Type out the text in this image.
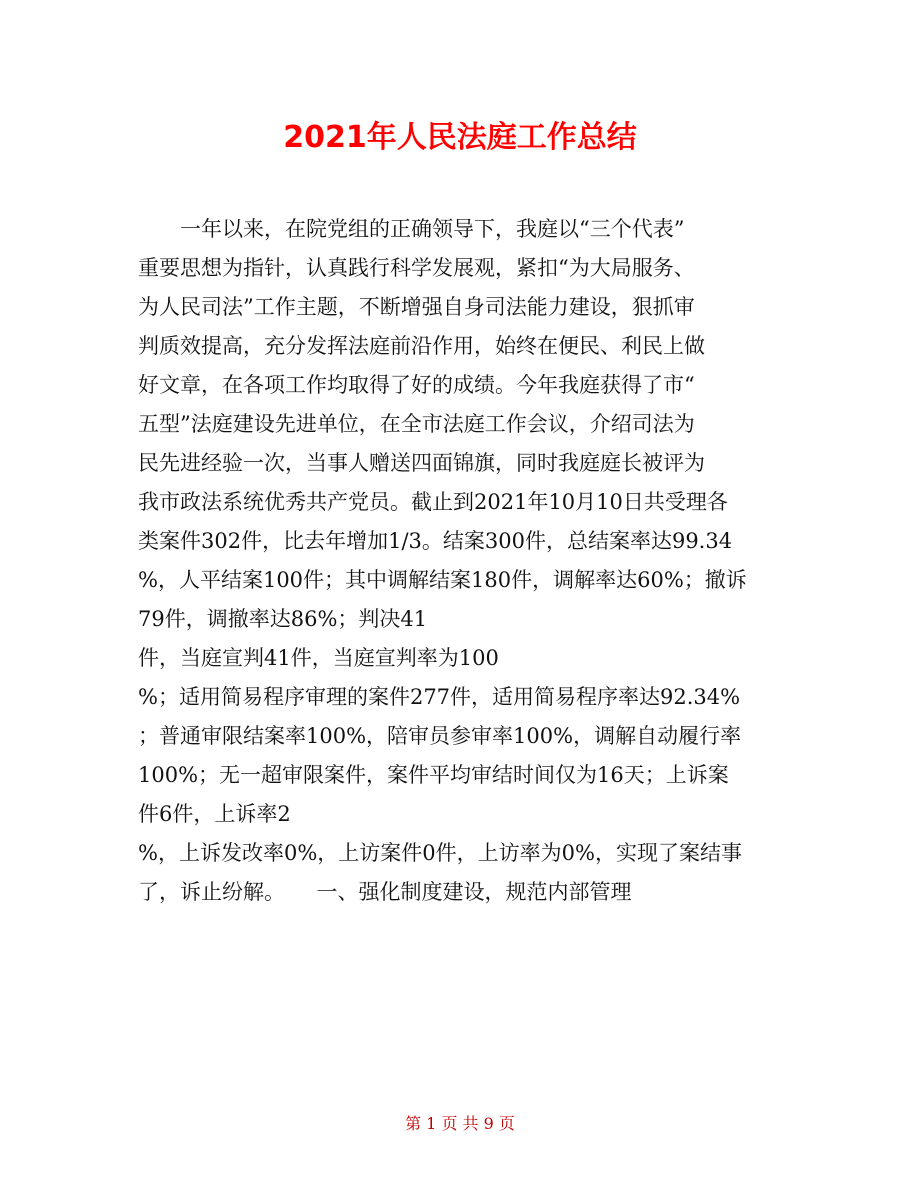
2021年人民法庭工作总结
一年以来，在院党组的正确领导下，我庭以“三个代表”
重要思想为指针，认真践行科学发展观，紧扣“为大局服务、
为人民司法”工作主题，不断增强自身司法能力建设，狠抓审
判质效提高，充分发挥法庭前沿作用，始终在便民、利民上做
好文章，在各项工作均取得了好的成绩。今年我庭获得了市“
五型”法庭建设先进单位，在全市法庭工作会议，介绍司法为
民先进经验一次，当事人赠送四面锦旗，同时我庭庭长被评为
我市政法系统优秀共产党员。截止到2021年10月10日共受理各
类案件302件，比去年增加1/3。结案300件，总结案率达99.34
%，人平结案100件；其中调解结案180件，调解率达60%；撤诉
79件，调撤率达86%；判决41
件，当庭宣判41件，当庭宣判率为100
%；适用简易程序审理的案件277件，适用简易程序率达92.34%
；普通审限结案率100%，陪审员参审率100%，调解自动履行率
100%；无一超审限案件，案件平均审结时间仅为16天；上诉案
件6件，上诉率2
%，上诉发改率0%，上访案件0件，上访率为0%，实现了案结事
了，诉止纷解。　　一、强化制度建设，规范内部管理
第 1 页 共 9 页
